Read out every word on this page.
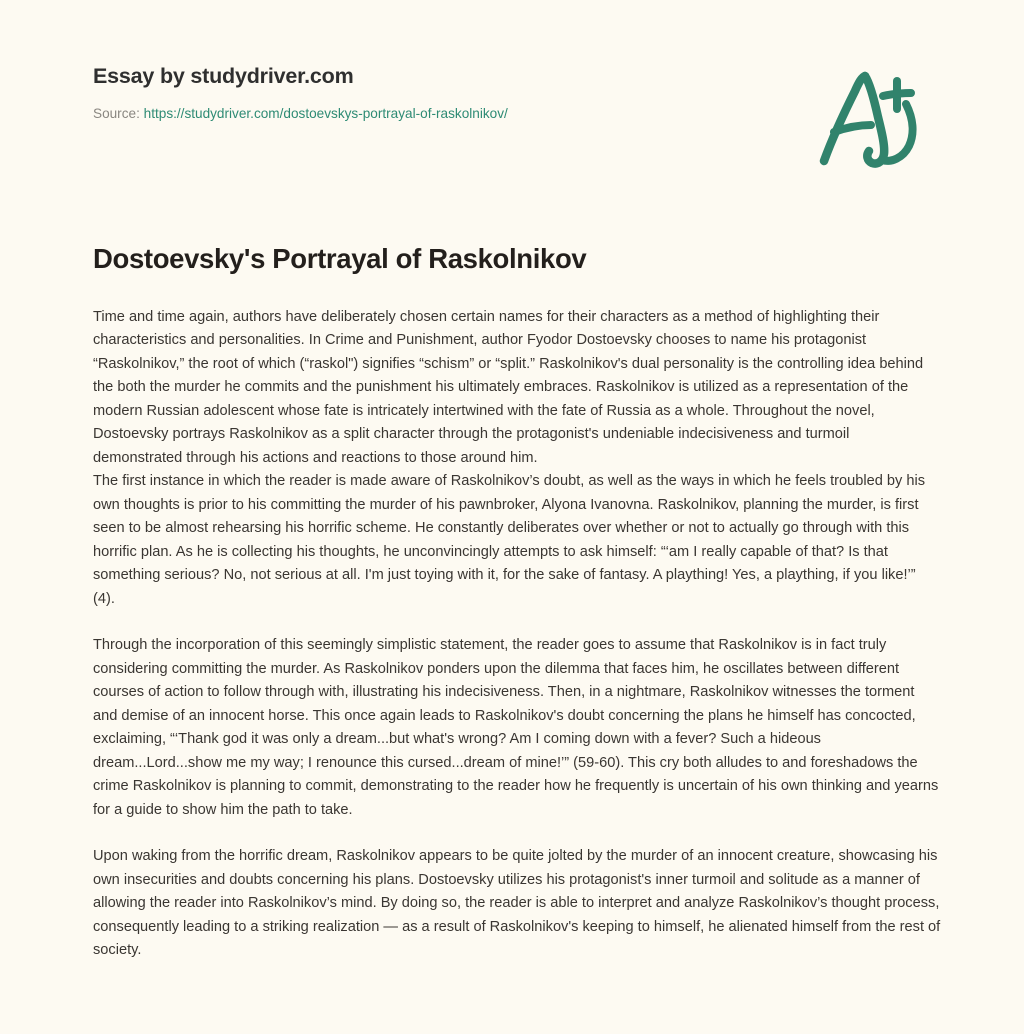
Essay by studydriver.com
Source: https://studydriver.com/dostoevskys-portrayal-of-raskolnikov/
Dostoevsky's Portrayal of Raskolnikov

Time and time again, authors have deliberately chosen certain names for their characters as a method of highlighting their characteristics and personalities. In Crime and Punishment, author Fyodor Dostoevsky chooses to name his protagonist “Raskolnikov,” the root of which (“raskol") signifies “schism” or “split.” Raskolnikov's dual personality is the controlling idea behind the both the murder he commits and the punishment his ultimately embraces. Raskolnikov is utilized as a representation of the modern Russian adolescent whose fate is intricately intertwined with the fate of Russia as a whole. Throughout the novel, Dostoevsky portrays Raskolnikov as a split character through the protagonist's undeniable indecisiveness and turmoil demonstrated through his actions and reactions to those around him.

The first instance in which the reader is made aware of Raskolnikov’s doubt, as well as the ways in which he feels troubled by his own thoughts is prior to his committing the murder of his pawnbroker, Alyona Ivanovna. Raskolnikov, planning the murder, is first seen to be almost rehearsing his horrific scheme. He constantly deliberates over whether or not to actually go through with this horrific plan. As he is collecting his thoughts, he unconvincingly attempts to ask himself: “‘am I really capable of that? Is that something serious? No, not serious at all. I'm just toying with it, for the sake of fantasy. A plaything! Yes, a plaything, if you like!’” (4).

Through the incorporation of this seemingly simplistic statement, the reader goes to assume that Raskolnikov is in fact truly considering committing the murder. As Raskolnikov ponders upon the dilemma that faces him, he oscillates between different courses of action to follow through with, illustrating his indecisiveness. Then, in a nightmare, Raskolnikov witnesses the torment and demise of an innocent horse. This once again leads to Raskolnikov's doubt concerning the plans he himself has concocted, exclaiming, “‘Thank god it was only a dream...but what's wrong? Am I coming down with a fever? Such a hideous dream...Lord...show me my way; I renounce this cursed...dream of mine!’” (59-60). This cry both alludes to and foreshadows the crime Raskolnikov is planning to commit, demonstrating to the reader how he frequently is uncertain of his own thinking and yearns for a guide to show him the path to take.

Upon waking from the horrific dream, Raskolnikov appears to be quite jolted by the murder of an innocent creature, showcasing his own insecurities and doubts concerning his plans. Dostoevsky utilizes his protagonist's inner turmoil and solitude as a manner of allowing the reader into Raskolnikov’s mind. By doing so, the reader is able to interpret and analyze Raskolnikov’s thought process, consequently leading to a striking realization — as a result of Raskolnikov's keeping to himself, he alienated himself from the rest of society.
